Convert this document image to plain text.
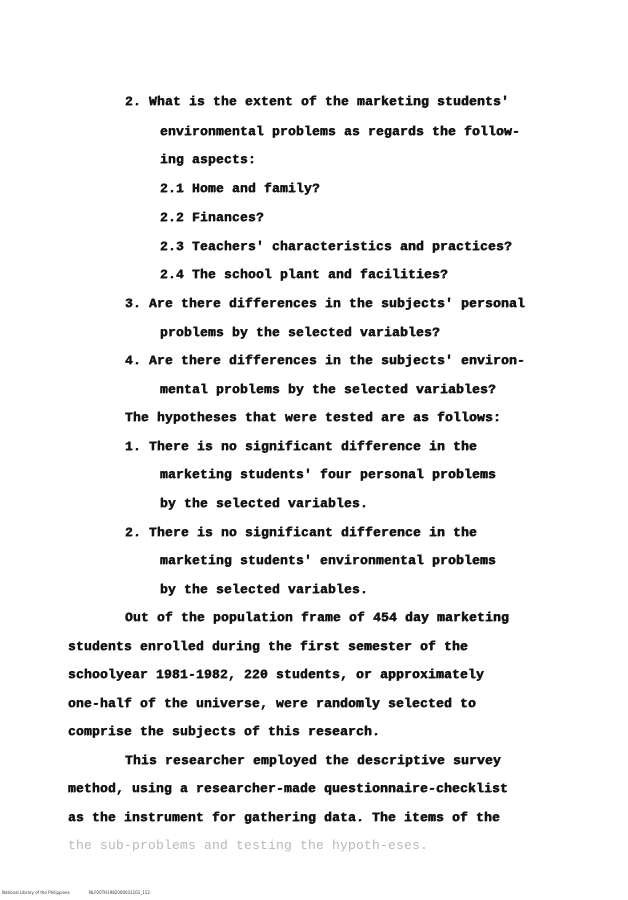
2. What is the extent of the marketing students'
environmental problems as regards the follow-
ing aspects:
2.1 Home and family?
2.2 Finances?
2.3 Teachers' characteristics and practices?
2.4 The school plant and facilities?
3. Are there differences in the subjects' personal
problems by the selected variables?
4. Are there differences in the subjects' environ-
mental problems by the selected variables?
The hypotheses that were tested are as follows:
1. There is no significant difference in the
marketing students' four personal problems
by the selected variables.
2. There is no significant difference in the
marketing students' environmental problems
by the selected variables.
Out of the population frame of 454 day marketing
students enrolled during the first semester of the
schoolyear 1981-1982, 220 students, or approximately
one-half of the universe, were randomly selected to
comprise the subjects of this research.
This researcher employed the descriptive survey
method, using a researcher-made questionnaire-checklist
as the instrument for gathering data. The items of the
the sub-problems and testing the hypoth-eses.
National Library of the Philippines	NLP20TH1982000031101_112
